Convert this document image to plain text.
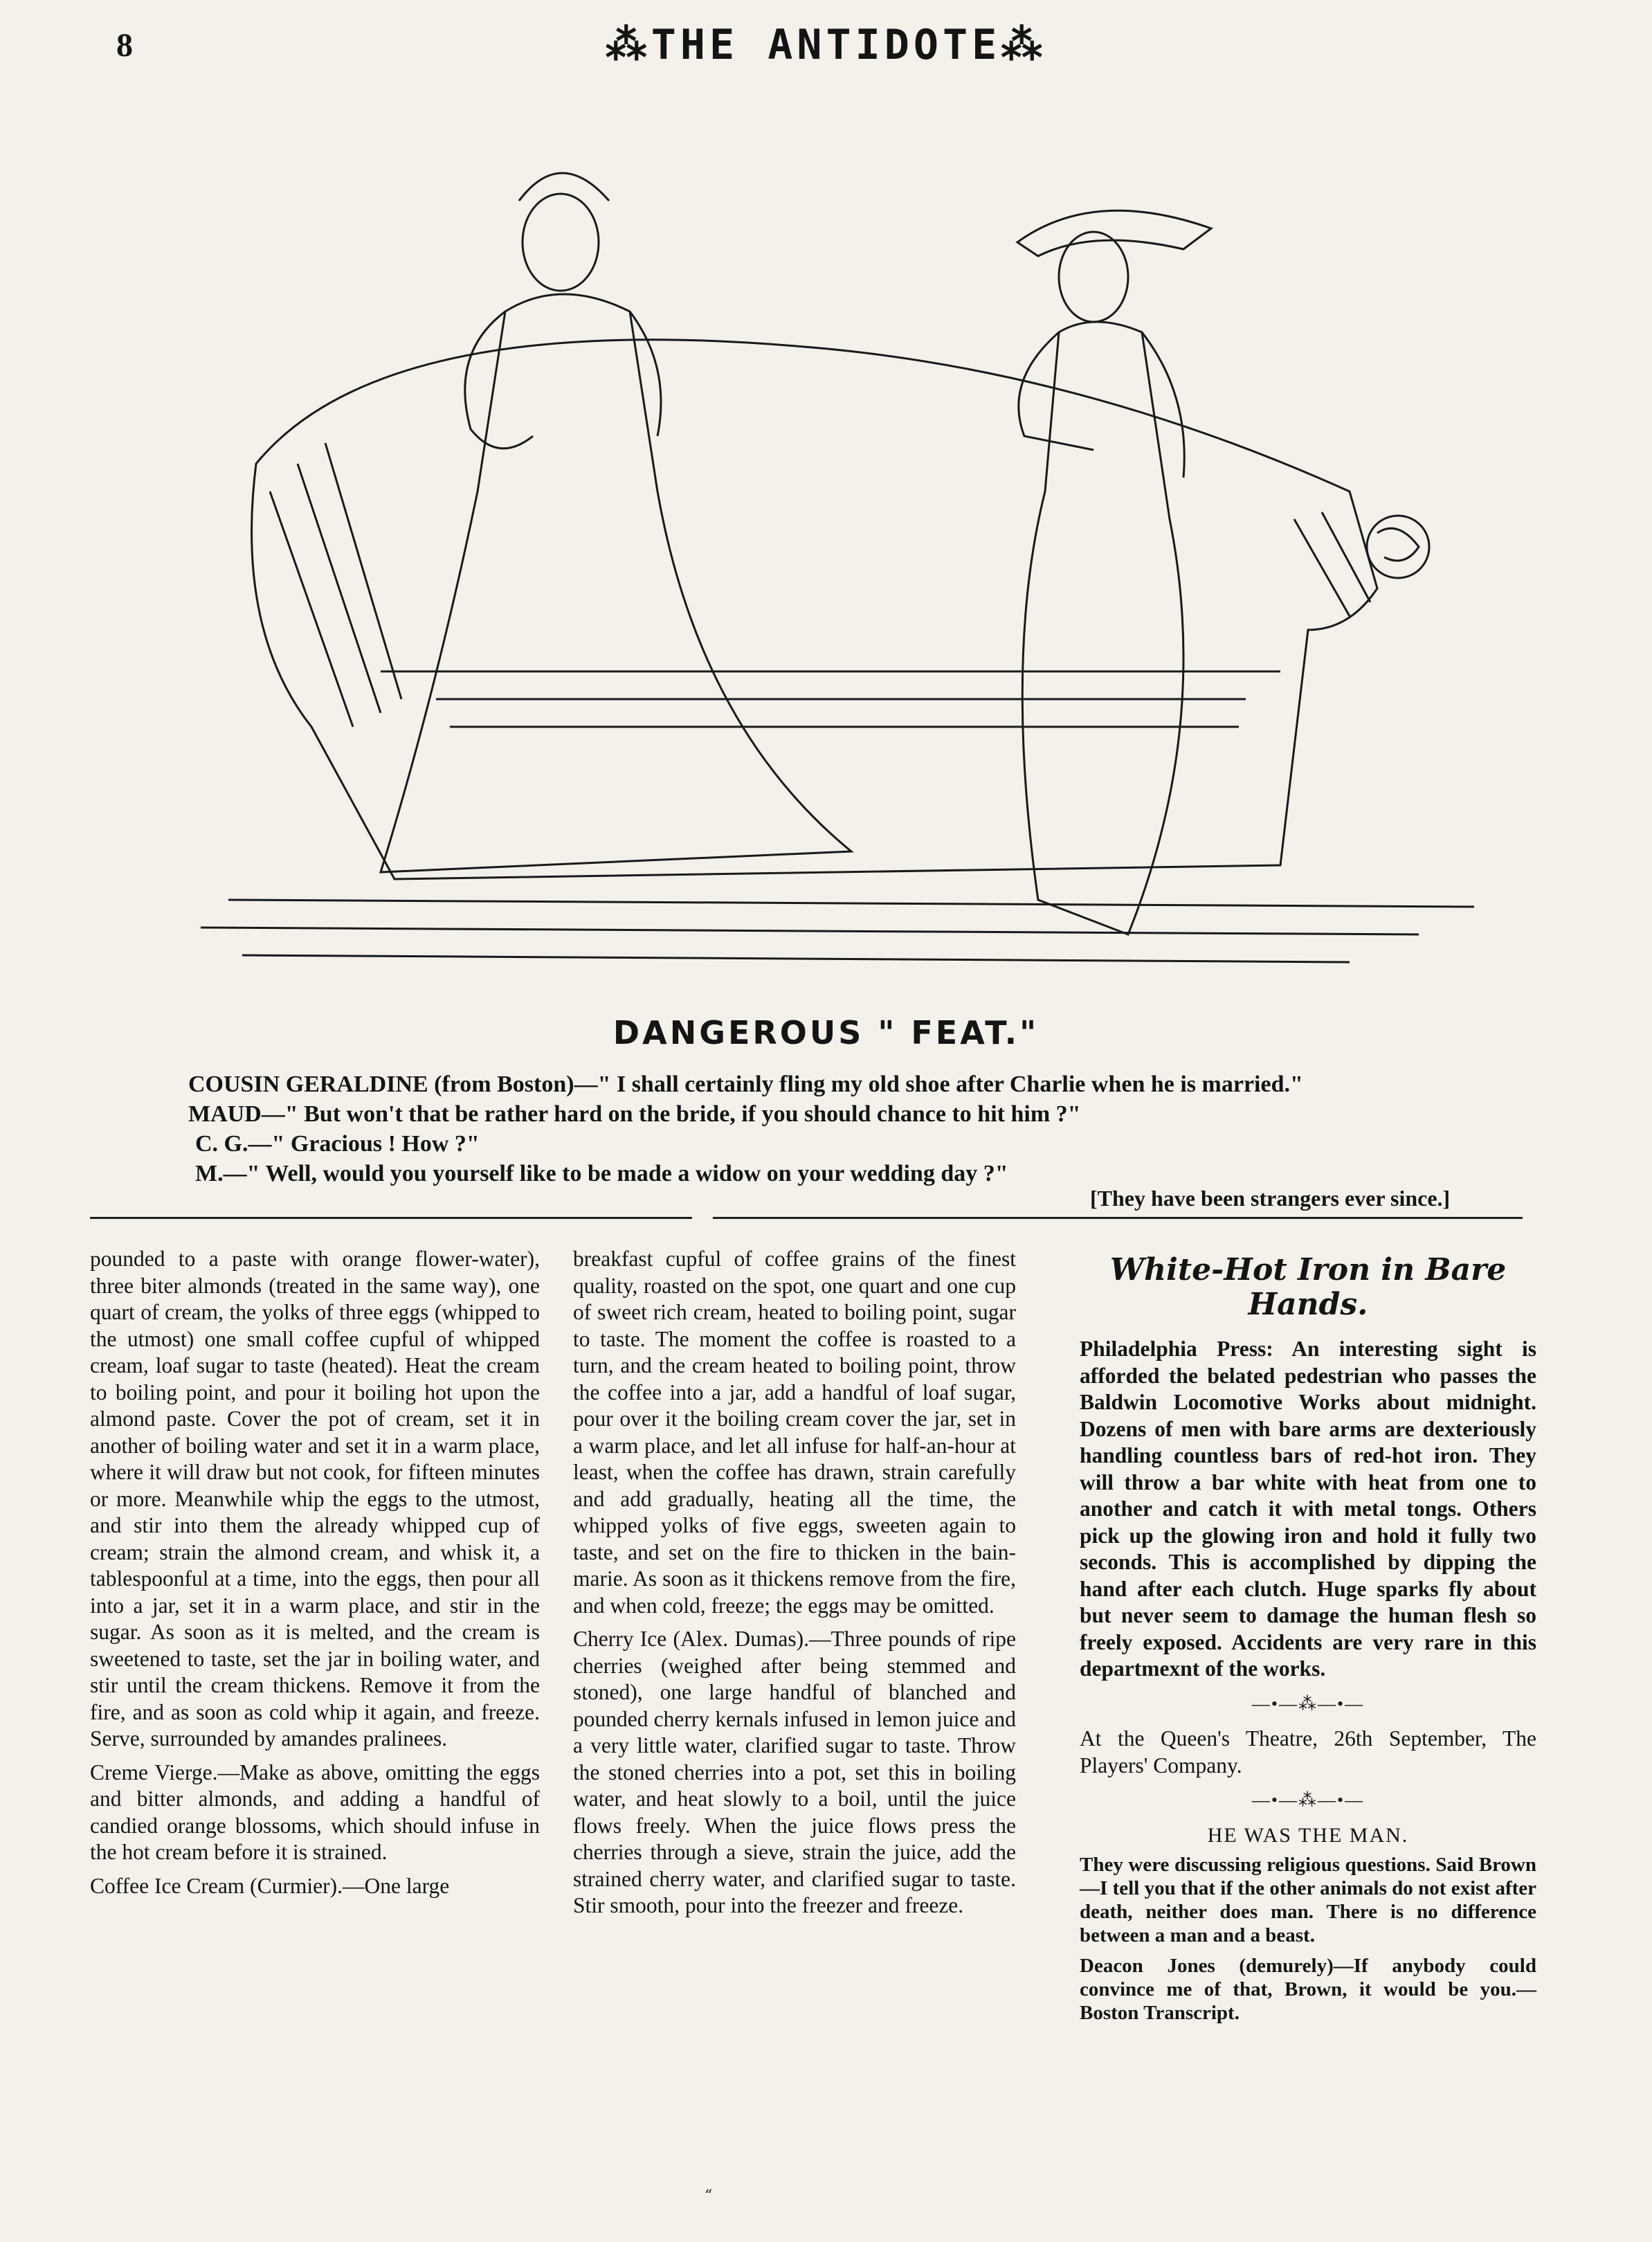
8	⁂THE ANTIDOTE⁂
DANGEROUS " FEAT."

COUSIN GERALDINE (from Boston)—" I shall certainly fling my old shoe after Charlie when he is married."

MAUD—" But won't that be rather hard on the bride, if you should chance to hit him ?"

C. G.—" Gracious ! How ?"

M.—" Well, would you yourself like to be made a widow on your wedding day ?"

[They have been strangers ever since.]

pounded to a paste with orange flower-water), three biter almonds (treated in the same way), one quart of cream, the yolks of three eggs (whipped to the utmost) one small coffee cupful of whipped cream, loaf sugar to taste (heated). Heat the cream to boiling point, and pour it boiling hot upon the almond paste. Cover the pot of cream, set it in another of boiling water and set it in a warm place, where it will draw but not cook, for fifteen minutes or more. Meanwhile whip the eggs to the utmost, and stir into them the already whipped cup of cream; strain the almond cream, and whisk it, a tablespoonful at a time, into the eggs, then pour all into a jar, set it in a warm place, and stir in the sugar. As soon as it is melted, and the cream is sweetened to taste, set the jar in boiling water, and stir until the cream thickens. Remove it from the fire, and as soon as cold whip it again, and freeze. Serve, surrounded by amandes pralinees.

Creme Vierge.—Make as above, omitting the eggs and bitter almonds, and adding a handful of candied orange blossoms, which should infuse in the hot cream before it is strained.

Coffee Ice Cream (Curmier).—One large

breakfast cupful of coffee grains of the finest quality, roasted on the spot, one quart and one cup of sweet rich cream, heated to boiling point, sugar to taste. The moment the coffee is roasted to a turn, and the cream heated to boiling point, throw the coffee into a jar, add a handful of loaf sugar, pour over it the boiling cream cover the jar, set in a warm place, and let all infuse for half-an-hour at least, when the coffee has drawn, strain carefully and add gradually, heating all the time, the whipped yolks of five eggs, sweeten again to taste, and set on the fire to thicken in the bain-marie. As soon as it thickens remove from the fire, and when cold, freeze; the eggs may be omitted.

Cherry Ice (Alex. Dumas).—Three pounds of ripe cherries (weighed after being stemmed and stoned), one large handful of blanched and pounded cherry kernals infused in lemon juice and a very little water, clarified sugar to taste. Throw the stoned cherries into a pot, set this in boiling water, and heat slowly to a boil, until the juice flows freely. When the juice flows press the cherries through a sieve, strain the juice, add the strained cherry water, and clarified sugar to taste. Stir smooth, pour into the freezer and freeze.

White-Hot Iron in Bare Hands.

Philadelphia Press: An interesting sight is afforded the belated pedestrian who passes the Baldwin Locomotive Works about midnight. Dozens of men with bare arms are dexteriously handling countless bars of red-hot iron. They will throw a bar white with heat from one to another and catch it with metal tongs. Others pick up the glowing iron and hold it fully two seconds. This is accomplished by dipping the hand after each clutch. Huge sparks fly about but never seem to damage the human flesh so freely exposed. Accidents are very rare in this departmexnt of the works.

—•—⁂—•—

At the Queen's Theatre, 26th September, The Players' Company.

—•—⁂—•—
HE WAS THE MAN.

They were discussing religious questions. Said Brown—I tell you that if the other animals do not exist after death, neither does man. There is no difference between a man and a beast.

Deacon Jones (demurely)—If anybody could convince me of that, Brown, it would be you.—Boston Transcript.

“
